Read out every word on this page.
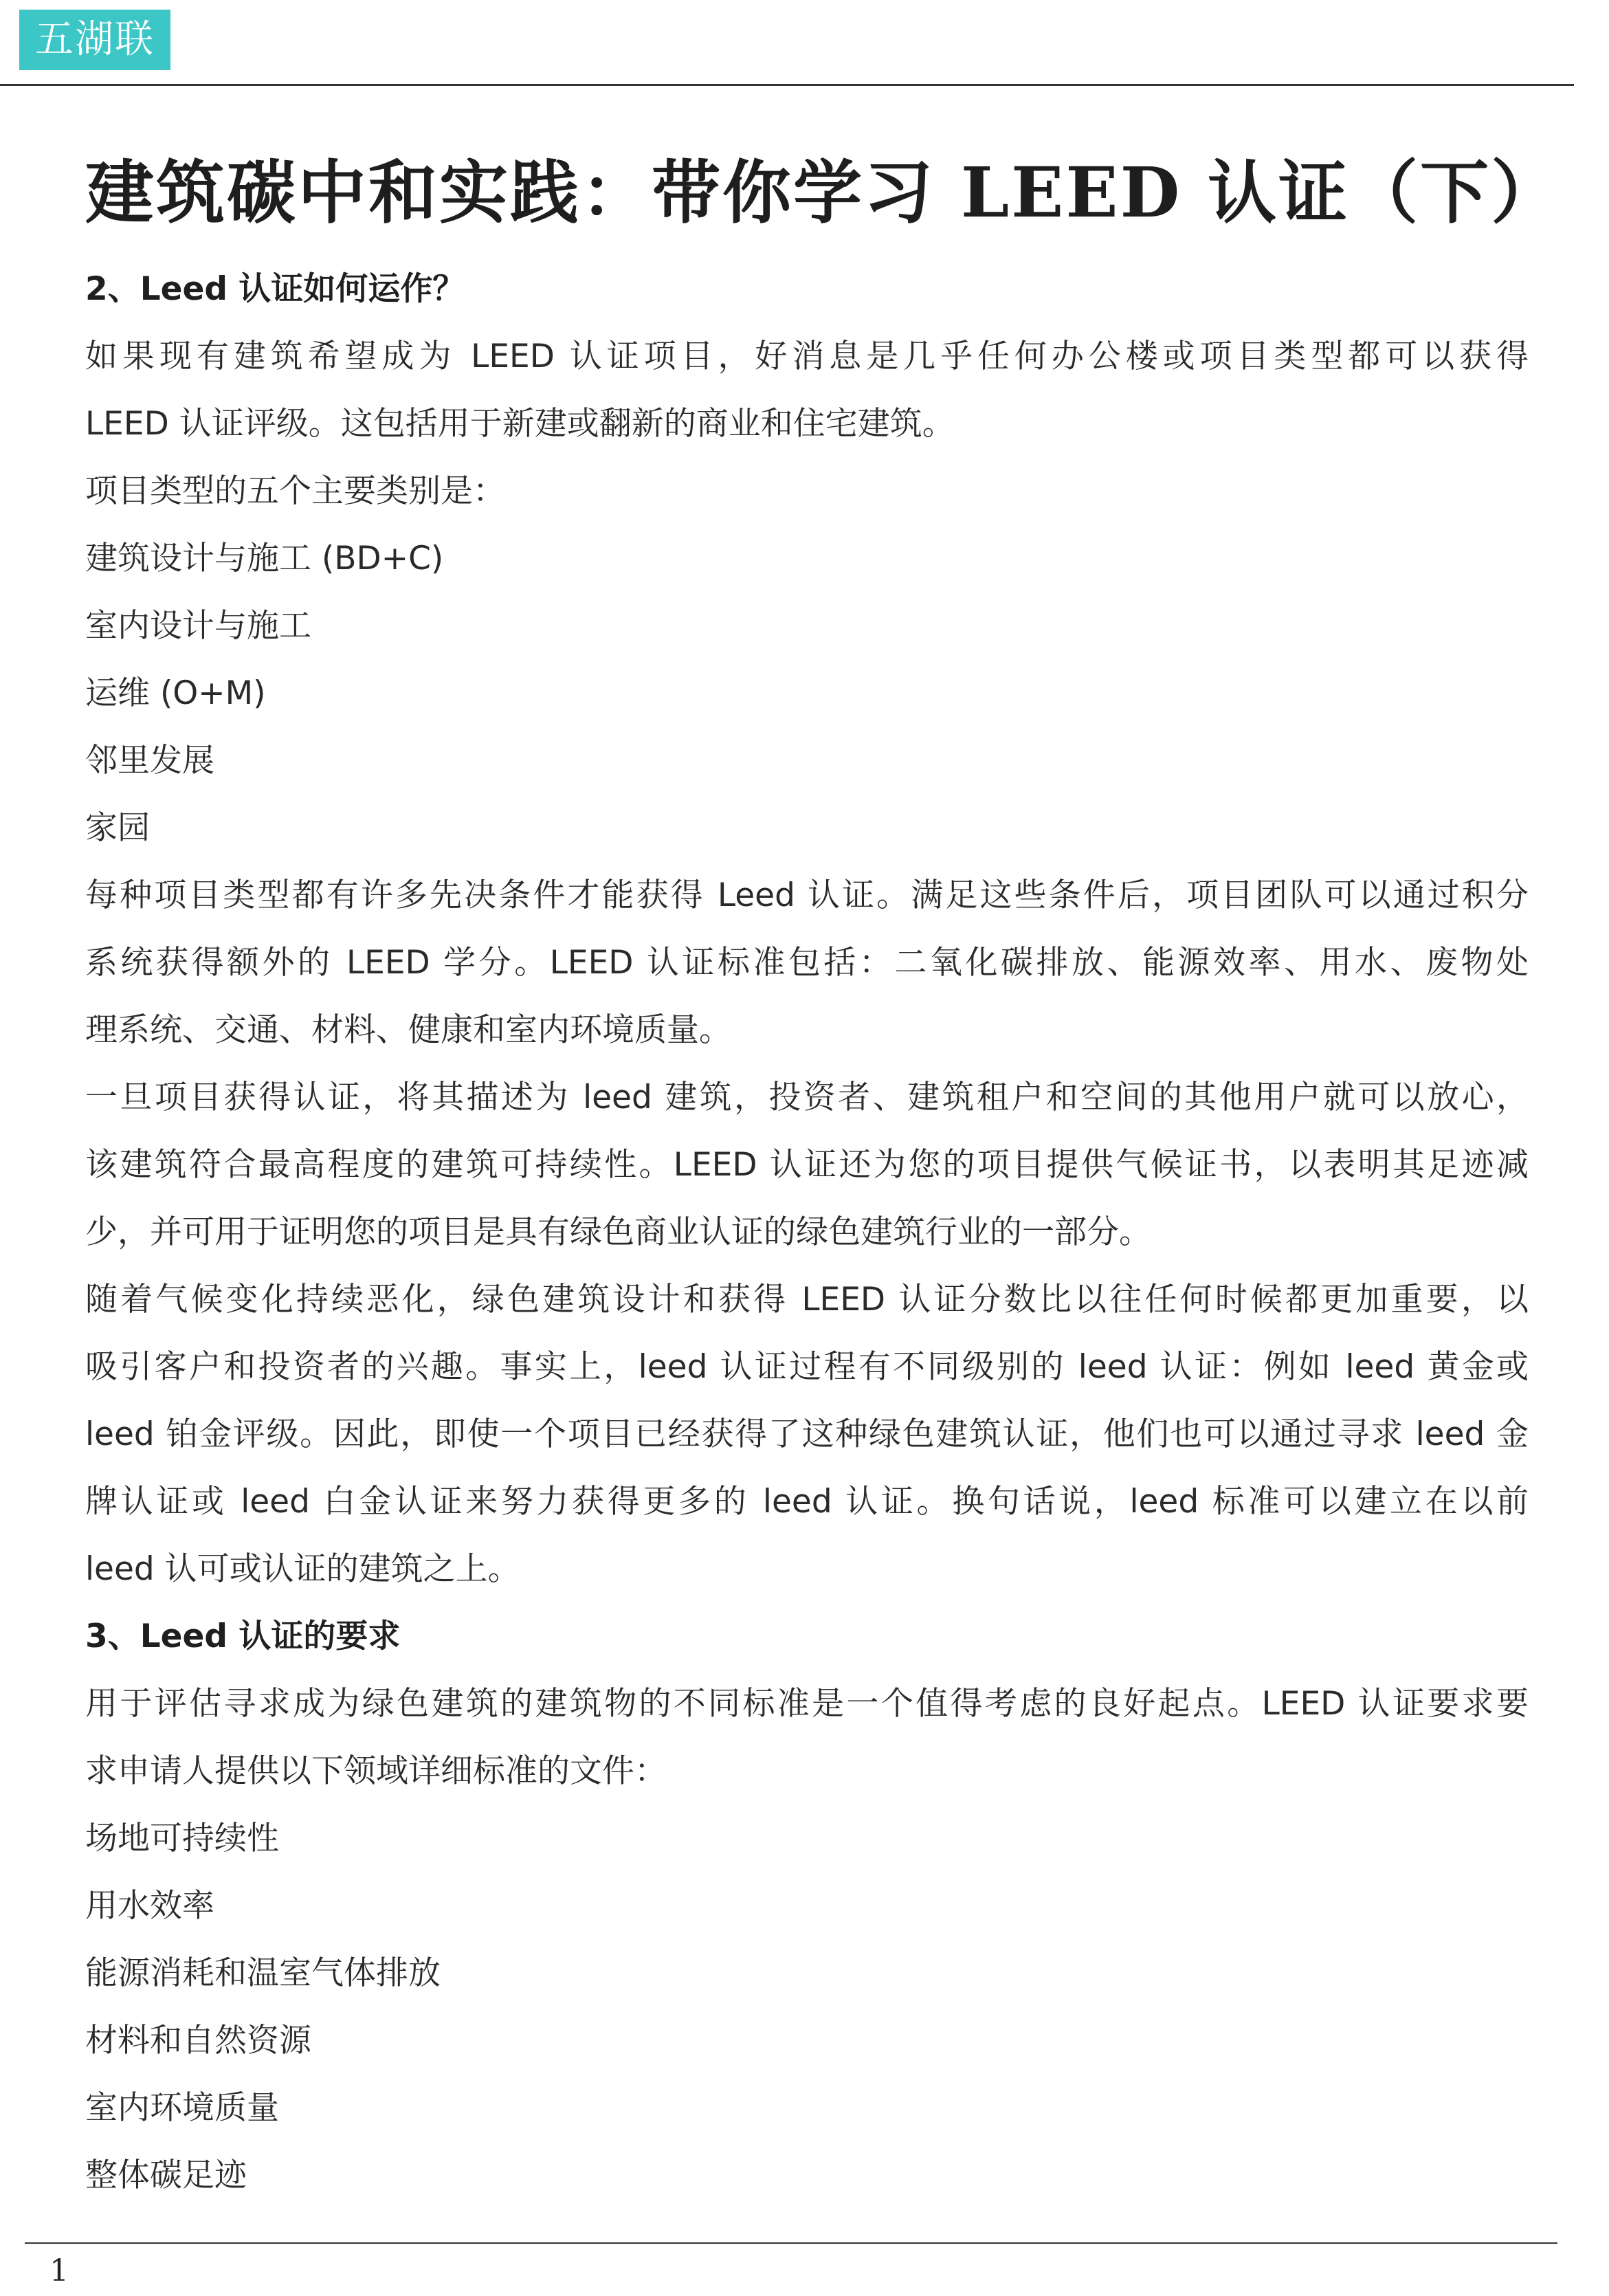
五湖联
建筑碳中和实践：带你学习 LEED 认证（下）

2、Leed 认证如何运作？

如果现有建筑希望成为 LEED 认证项目，好消息是几乎任何办公楼或项目类型都可以获得

LEED 认证评级。这包括用于新建或翻新的商业和住宅建筑。

项目类型的五个主要类别是：

建筑设计与施工 (BD+C)

室内设计与施工

运维 (O+M)

邻里发展

家园

每种项目类型都有许多先决条件才能获得 Leed 认证。满足这些条件后，项目团队可以通过积分

系统获得额外的 LEED 学分。LEED 认证标准包括：二氧化碳排放、能源效率、用水、废物处

理系统、交通、材料、健康和室内环境质量。

一旦项目获得认证，将其描述为 leed 建筑，投资者、建筑租户和空间的其他用户就可以放心，

该建筑符合最高程度的建筑可持续性。LEED 认证还为您的项目提供气候证书，以表明其足迹减

少，并可用于证明您的项目是具有绿色商业认证的绿色建筑行业的一部分。

随着气候变化持续恶化，绿色建筑设计和获得 LEED 认证分数比以往任何时候都更加重要，以

吸引客户和投资者的兴趣。事实上，leed 认证过程有不同级别的 leed 认证：例如 leed 黄金或

leed 铂金评级。因此，即使一个项目已经获得了这种绿色建筑认证，他们也可以通过寻求 leed 金

牌认证或 leed 白金认证来努力获得更多的 leed 认证。换句话说，leed 标准可以建立在以前

leed 认可或认证的建筑之上。

3、Leed 认证的要求

用于评估寻求成为绿色建筑的建筑物的不同标准是一个值得考虑的良好起点。LEED 认证要求要

求申请人提供以下领域详细标准的文件：

场地可持续性

用水效率

能源消耗和温室气体排放

材料和自然资源

室内环境质量

整体碳足迹

1
